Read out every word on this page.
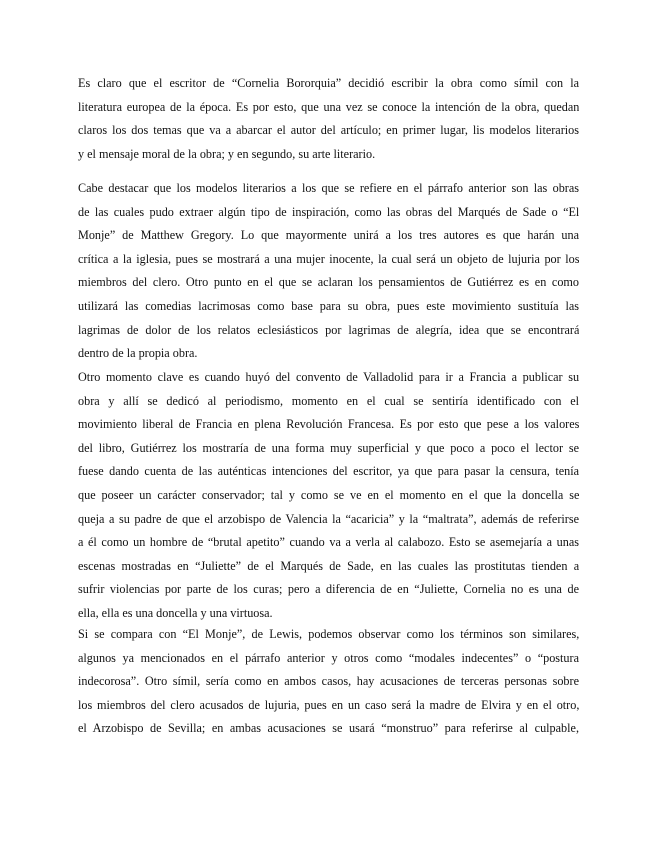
Es claro que el escritor de “Cornelia Bororquia” decidió escribir la obra como símil con la
literatura europea de la época. Es por esto, que una vez se conoce la intención de la obra, quedan
claros los dos temas que va a abarcar el autor del artículo; en primer lugar, lis modelos literarios
y el mensaje moral de la obra; y en segundo, su arte literario.
Cabe destacar que los modelos literarios a los que se refiere en el párrafo anterior son las obras
de las cuales pudo extraer algún tipo de inspiración, como las obras del Marqués de Sade o “El
Monje” de Matthew Gregory. Lo que mayormente unirá a los tres autores es que harán una
crítica a la iglesia, pues se mostrará a una mujer inocente, la cual será un objeto de lujuria por los
miembros del clero. Otro punto en el que se aclaran los pensamientos de Gutiérrez es en como
utilizará las comedias lacrimosas como base para su obra, pues este movimiento sustituía las
lagrimas de dolor de los relatos eclesiásticos por lagrimas de alegría, idea que se encontrará
dentro de la propia obra.
Otro momento clave es cuando huyó del convento de Valladolid para ir a Francia a publicar su
obra y allí se dedicó al periodismo, momento en el cual se sentiría identificado con el
movimiento liberal de Francia en plena Revolución Francesa. Es por esto que pese a los valores
del libro, Gutiérrez los mostraría de una forma muy superficial y que poco a poco el lector se
fuese dando cuenta de las auténticas intenciones del escritor, ya que para pasar la censura, tenía
que poseer un carácter conservador; tal y como se ve en el momento en el que la doncella se
queja a su padre de que el arzobispo de Valencia la “acaricia” y la “maltrata”, además de referirse
a él como un hombre de “brutal apetito” cuando va a verla al calabozo. Esto se asemejaría a unas
escenas mostradas en “Juliette” de el Marqués de Sade, en las cuales las prostitutas tienden a
sufrir violencias por parte de los curas; pero a diferencia de en “Juliette, Cornelia no es una de
ella, ella es una doncella y una virtuosa.
Si se compara con “El Monje”, de Lewis, podemos observar como los términos son similares,
algunos ya mencionados en el párrafo anterior y otros como “modales indecentes” o “postura
indecorosa”. Otro símil, sería como en ambos casos, hay acusaciones de terceras personas sobre
los miembros del clero acusados de lujuria, pues en un caso será la madre de Elvira y en el otro,
el Arzobispo de Sevilla; en ambas acusaciones se usará “monstruo” para referirse al culpable,
